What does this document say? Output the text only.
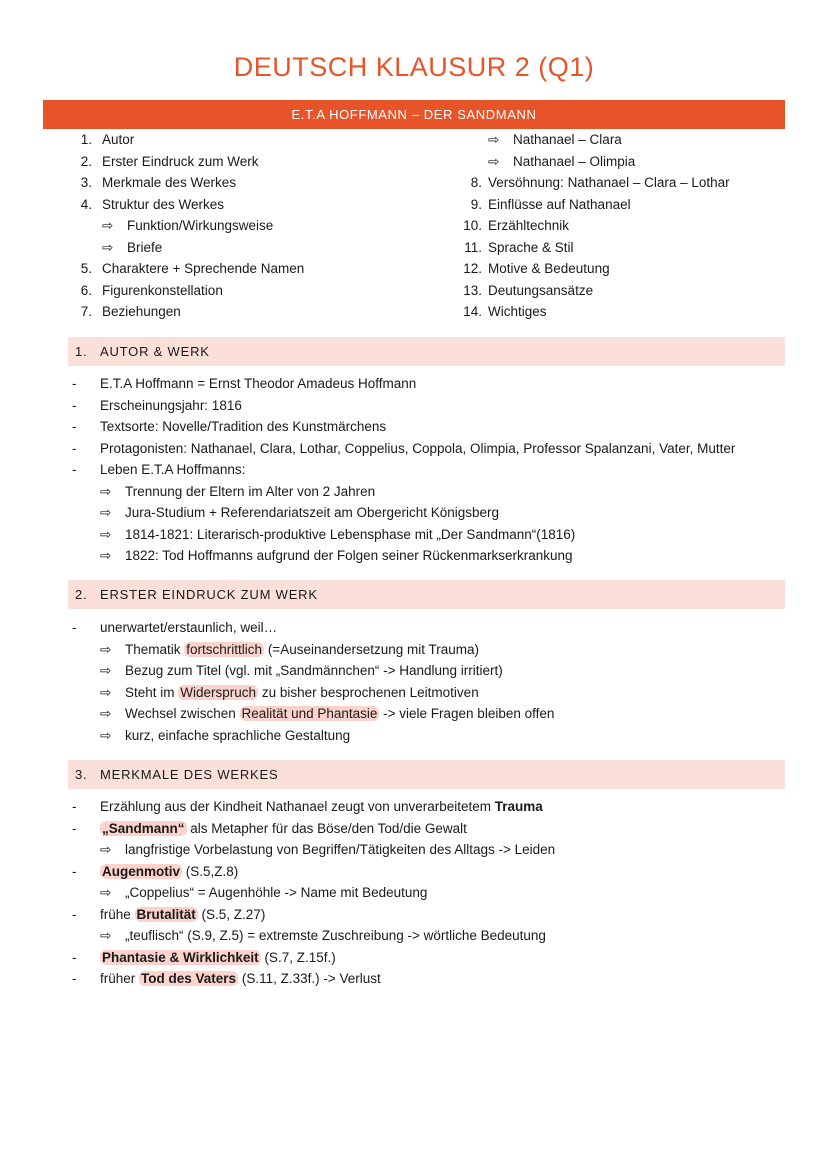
DEUTSCH KLAUSUR 2 (Q1)
E.T.A HOFFMANN – DER SANDMANN
1. Autor
2. Erster Eindruck zum Werk
3. Merkmale des Werkes
4. Struktur des Werkes
⇨ Funktion/Wirkungsweise
⇨ Briefe
5. Charaktere + Sprechende Namen
6. Figurenkonstellation
7. Beziehungen
⇨ Nathanael – Clara
⇨ Nathanael – Olimpia
8. Versöhnung: Nathanael – Clara – Lothar
9. Einflüsse auf Nathanael
10. Erzähltechnik
11. Sprache & Stil
12. Motive & Bedeutung
13. Deutungsansätze
14. Wichtiges
1. AUTOR & WERK
- E.T.A Hoffmann = Ernst Theodor Amadeus Hoffmann
- Erscheinungsjahr: 1816
- Textsorte: Novelle/Tradition des Kunstmärchens
- Protagonisten: Nathanael, Clara, Lothar, Coppelius, Coppola, Olimpia, Professor Spalanzani, Vater, Mutter
- Leben E.T.A Hoffmanns:
⇨ Trennung der Eltern im Alter von 2 Jahren
⇨ Jura-Studium + Referendariatszeit am Obergericht Königsberg
⇨ 1814-1821: Literarisch-produktive Lebensphase mit „Der Sandmann“(1816)
⇨ 1822: Tod Hoffmanns aufgrund der Folgen seiner Rückenmarkserkrankung
2. ERSTER EINDRUCK ZUM WERK
- unerwartet/erstaunlich, weil…
⇨ Thematik fortschrittlich (=Auseinandersetzung mit Trauma)
⇨ Bezug zum Titel (vgl. mit „Sandmännchen“ -> Handlung irritiert)
⇨ Steht im Widerspruch zu bisher besprochenen Leitmotiven
⇨ Wechsel zwischen Realität und Phantasie -> viele Fragen bleiben offen
⇨ kurz, einfache sprachliche Gestaltung
3. MERKMALE DES WERKES
- Erzählung aus der Kindheit Nathanael zeugt von unverarbeitetem Trauma
- „Sandmann“ als Metapher für das Böse/den Tod/die Gewalt
⇨ langfristige Vorbelastung von Begriffen/Tätigkeiten des Alltags -> Leiden
- Augenmotiv (S.5,Z.8)
⇨ „Coppelius“ = Augenhöhle -> Name mit Bedeutung
- frühe Brutalität (S.5, Z.27)
⇨ „teuflisch“ (S.9, Z.5) = extremste Zuschreibung -> wörtliche Bedeutung
- Phantasie & Wirklichkeit (S.7, Z.15f.)
- früher Tod des Vaters (S.11, Z.33f.) -> Verlust
